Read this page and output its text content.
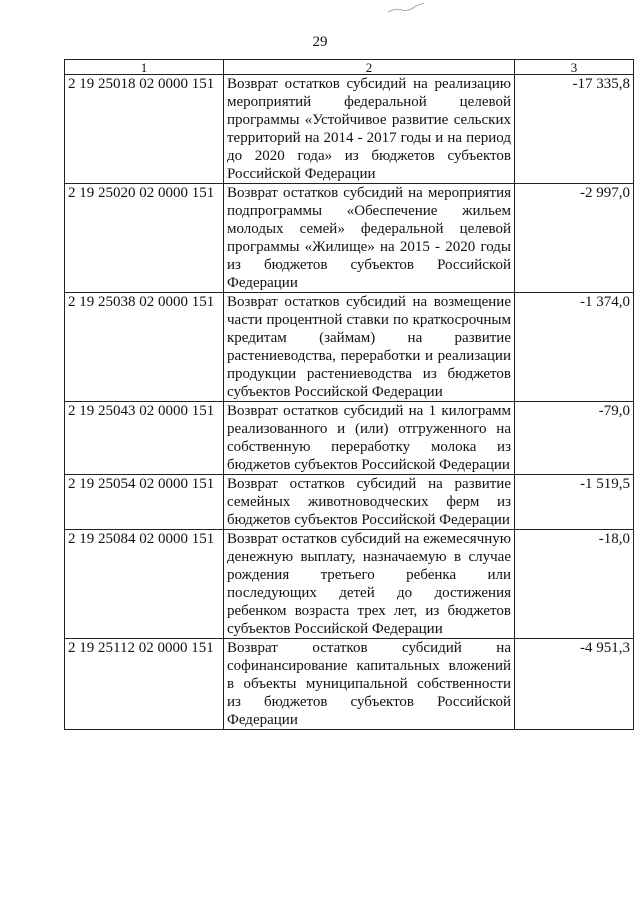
29
1	2	3
2 19 25018 02 0000 151	Возврат остатков субсидий на реализацию мероприятий федеральной целевой программы «Устойчивое развитие сельских территорий на 2014 - 2017 годы и на период до 2020 года» из бюджетов субъектов Российской Федерации	-17 335,8
2 19 25020 02 0000 151	Возврат остатков субсидий на мероприятия подпрограммы «Обеспечение жильем молодых семей» федеральной целевой программы «Жилище» на 2015 - 2020 годы из бюджетов субъектов Российской Федерации	-2 997,0
2 19 25038 02 0000 151	Возврат остатков субсидий на возмещение части процентной ставки по краткосрочным кредитам (займам) на развитие растениеводства, переработки и реализации продукции растениеводства из бюджетов субъектов Российской Федерации	-1 374,0
2 19 25043 02 0000 151	Возврат остатков субсидий на 1 килограмм реализованного и (или) отгруженного на собственную переработку молока из бюджетов субъектов Российской Федерации	-79,0
2 19 25054 02 0000 151	Возврат остатков субсидий на развитие семейных животноводческих ферм из бюджетов субъектов Российской Федерации	-1 519,5
2 19 25084 02 0000 151	Возврат остатков субсидий на ежемесячную денежную выплату, назначаемую в случае рождения третьего ребенка или последующих детей до достижения ребенком возраста трех лет, из бюджетов субъектов Российской Федерации	-18,0
2 19 25112 02 0000 151	Возврат остатков субсидий на софинансирование капитальных вложений в объекты муниципальной собственности из бюджетов субъектов Российской Федерации	-4 951,3
